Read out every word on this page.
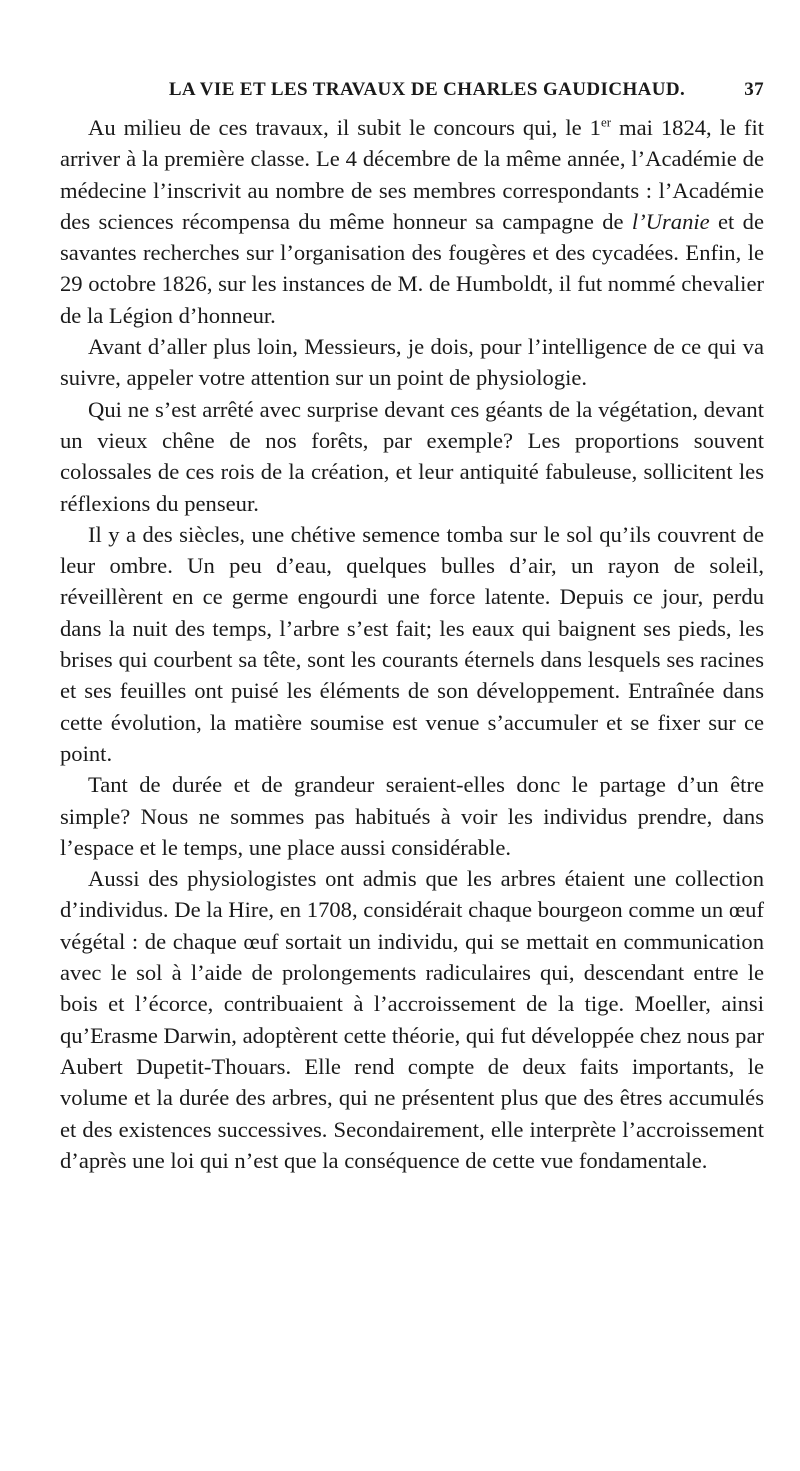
LA VIE ET LES TRAVAUX DE CHARLES GAUDICHAUD.	37

Au milieu de ces travaux, il subit le concours qui, le 1er mai 1824, le fit arriver à la première classe. Le 4 décembre de la même année, l’Académie de médecine l’inscrivit au nombre de ses membres correspondants : l’Académie des sciences récompensa du même honneur sa campagne de l’Uranie et de savantes recherches sur l’organisation des fougères et des cycadées. Enfin, le 29 octobre 1826, sur les instances de M. de Humboldt, il fut nommé chevalier de la Légion d’honneur.

Avant d’aller plus loin, Messieurs, je dois, pour l’intelligence de ce qui va suivre, appeler votre attention sur un point de physiologie.

Qui ne s’est arrêté avec surprise devant ces géants de la végétation, devant un vieux chêne de nos forêts, par exemple? Les proportions souvent colossales de ces rois de la création, et leur antiquité fabuleuse, sollicitent les réflexions du penseur.

Il y a des siècles, une chétive semence tomba sur le sol qu’ils couvrent de leur ombre. Un peu d’eau, quelques bulles d’air, un rayon de soleil, réveillèrent en ce germe engourdi une force latente. Depuis ce jour, perdu dans la nuit des temps, l’arbre s’est fait; les eaux qui baignent ses pieds, les brises qui courbent sa tête, sont les courants éternels dans lesquels ses racines et ses feuilles ont puisé les éléments de son développement. Entraînée dans cette évolution, la matière soumise est venue s’accumuler et se fixer sur ce point.

Tant de durée et de grandeur seraient-elles donc le partage d’un être simple? Nous ne sommes pas habitués à voir les individus prendre, dans l’espace et le temps, une place aussi considérable.

Aussi des physiologistes ont admis que les arbres étaient une collection d’individus. De la Hire, en 1708, considérait chaque bourgeon comme un œuf végétal : de chaque œuf sortait un individu, qui se mettait en communication avec le sol à l’aide de prolongements radiculaires qui, descendant entre le bois et l’écorce, contribuaient à l’accroissement de la tige. Moeller, ainsi qu’Erasme Darwin, adoptèrent cette théorie, qui fut développée chez nous par Aubert Dupetit-Thouars. Elle rend compte de deux faits importants, le volume et la durée des arbres, qui ne présentent plus que des êtres accumulés et des existences successives. Secondairement, elle interprète l’accroissement d’après une loi qui n’est que la conséquence de cette vue fondamentale.
